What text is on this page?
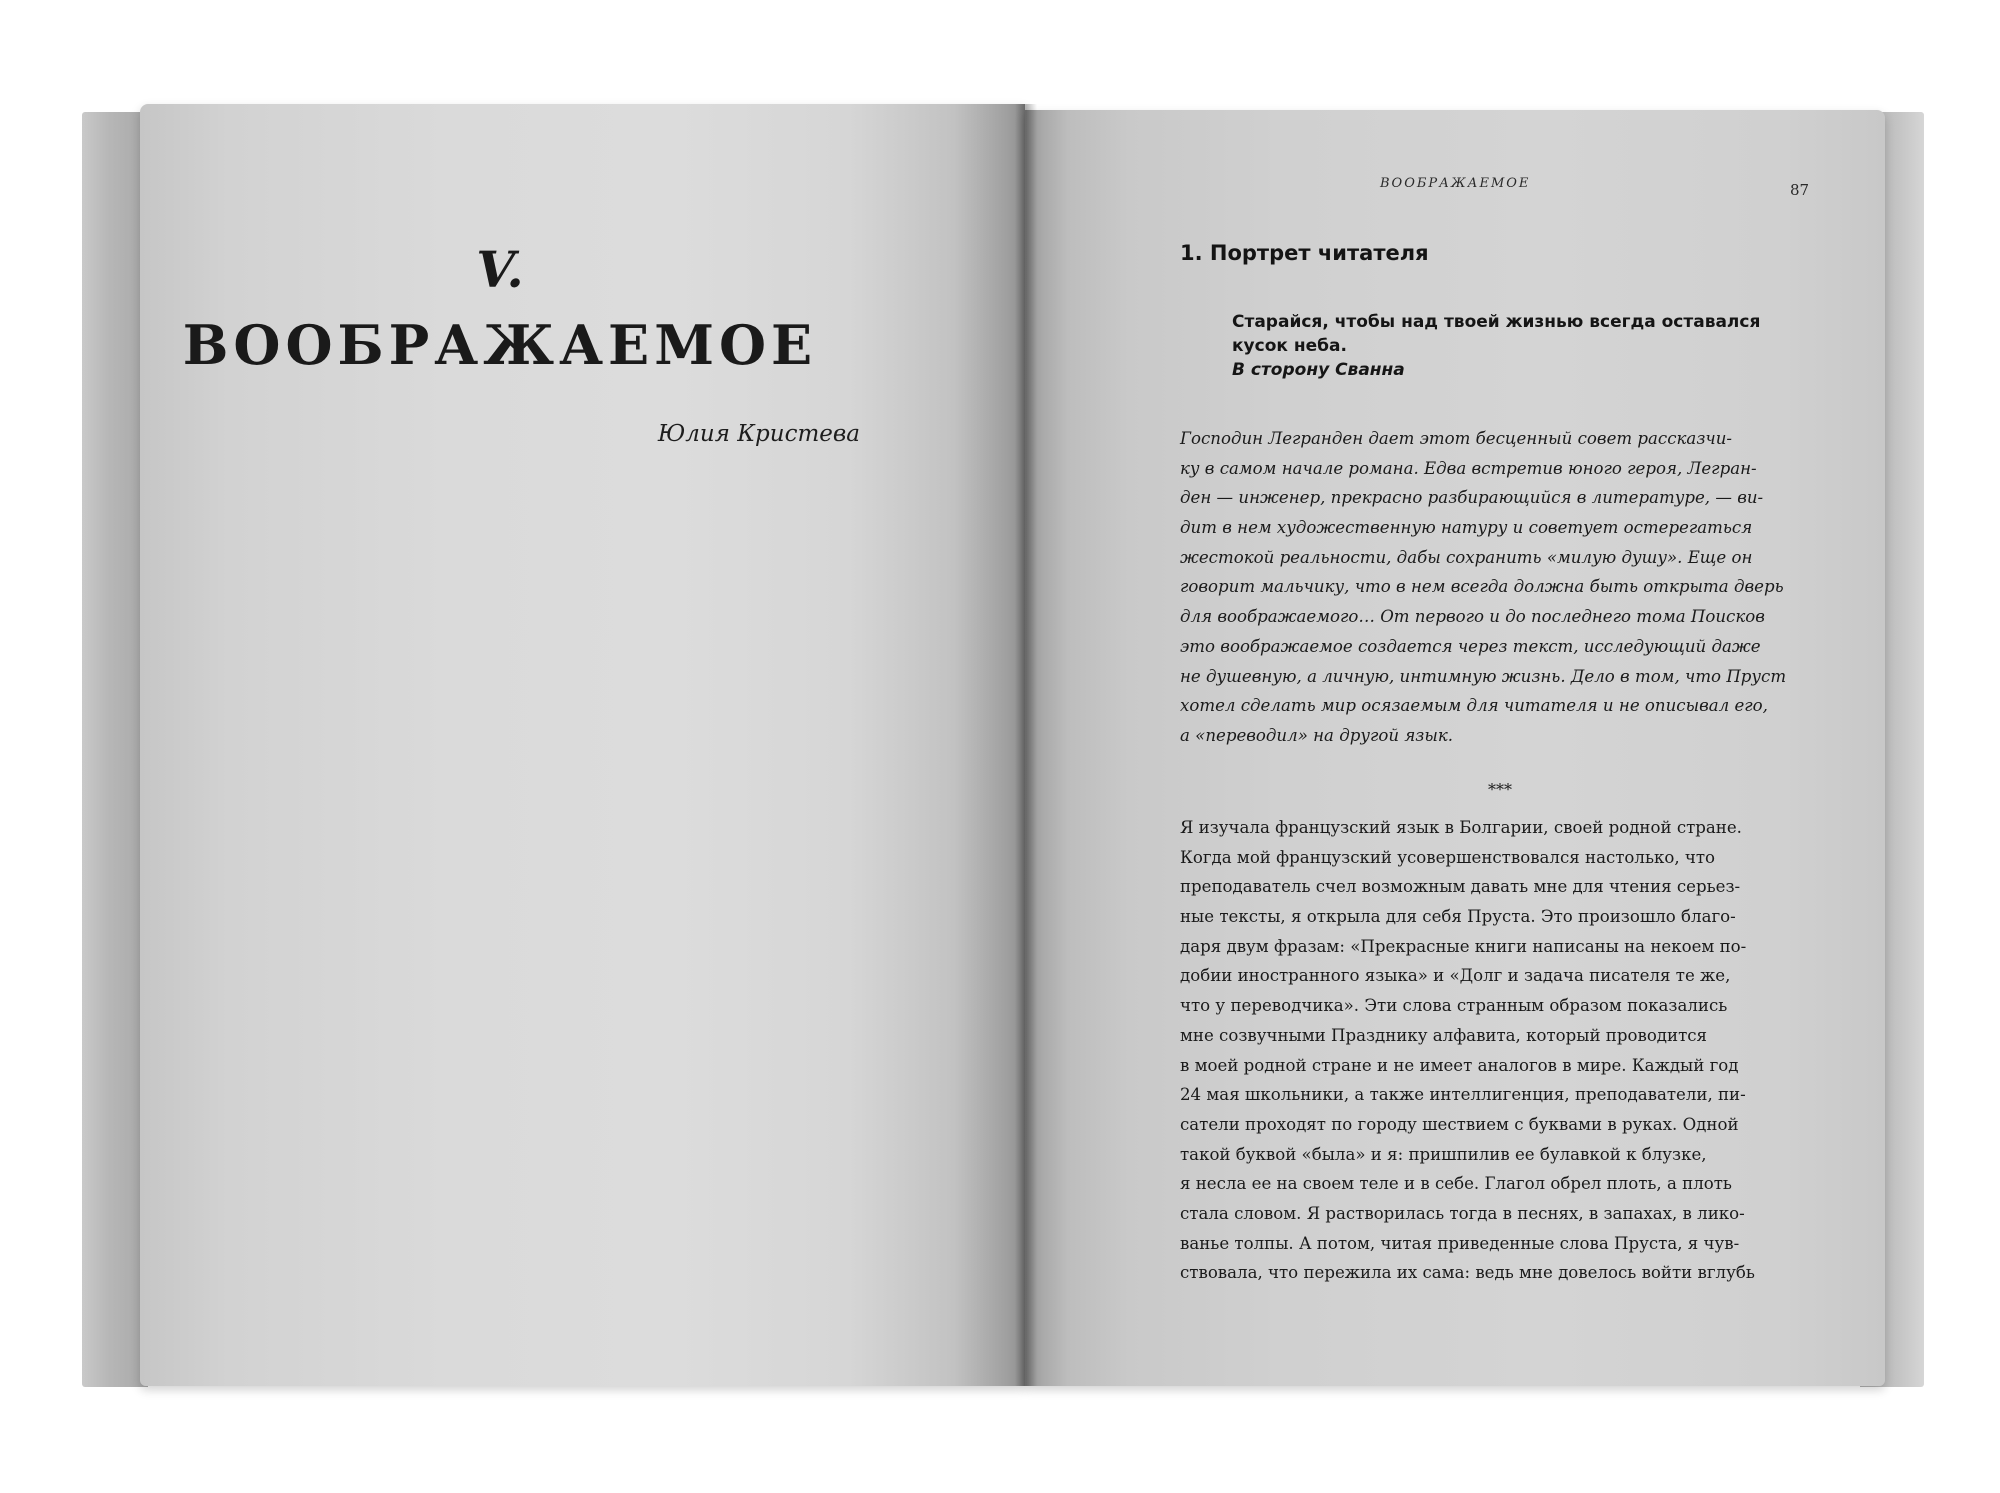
V.
ВООБРАЖАЕМОЕ
Юлия Кристева
ВООБРАЖАЕМОЕ	87
1. Портрет читателя
Старайся, чтобы над твоей жизнью всегда оставался
кусок неба.
В сторону Сванна
Господин Легранден дает этот бесценный совет рассказчи-
ку в самом начале романа. Едва встретив юного героя, Легран-
ден — инженер, прекрасно разбирающийся в литературе, — ви-
дит в нем художественную натуру и советует остерегаться
жестокой реальности, дабы сохранить «милую душу». Еще он
говорит мальчику, что в нем всегда должна быть открыта дверь
для воображаемого… От первого и до последнего тома Поисков
это воображаемое создается через текст, исследующий даже
не душевную, а личную, интимную жизнь. Дело в том, что Пруст
хотел сделать мир осязаемым для читателя и не описывал его,
а «переводил» на другой язык.
***
Я изучала французский язык в Болгарии, своей родной стране.
Когда мой французский усовершенствовался настолько, что
преподаватель счел возможным давать мне для чтения серьез-
ные тексты, я открыла для себя Пруста. Это произошло благо-
даря двум фразам: «Прекрасные книги написаны на некоем по-
добии иностранного языка» и «Долг и задача писателя те же,
что у переводчика». Эти слова странным образом показались
мне созвучными Празднику алфавита, который проводится
в моей родной стране и не имеет аналогов в мире. Каждый год
24 мая школьники, а также интеллигенция, преподаватели, пи-
сатели проходят по городу шествием с буквами в руках. Одной
такой буквой «была» и я: пришпилив ее булавкой к блузке,
я несла ее на своем теле и в себе. Глагол обрел плоть, а плоть
стала словом. Я растворилась тогда в песнях, в запахах, в лико-
ванье толпы. А потом, читая приведенные слова Пруста, я чув-
ствовала, что пережила их сама: ведь мне довелось войти вглубь
